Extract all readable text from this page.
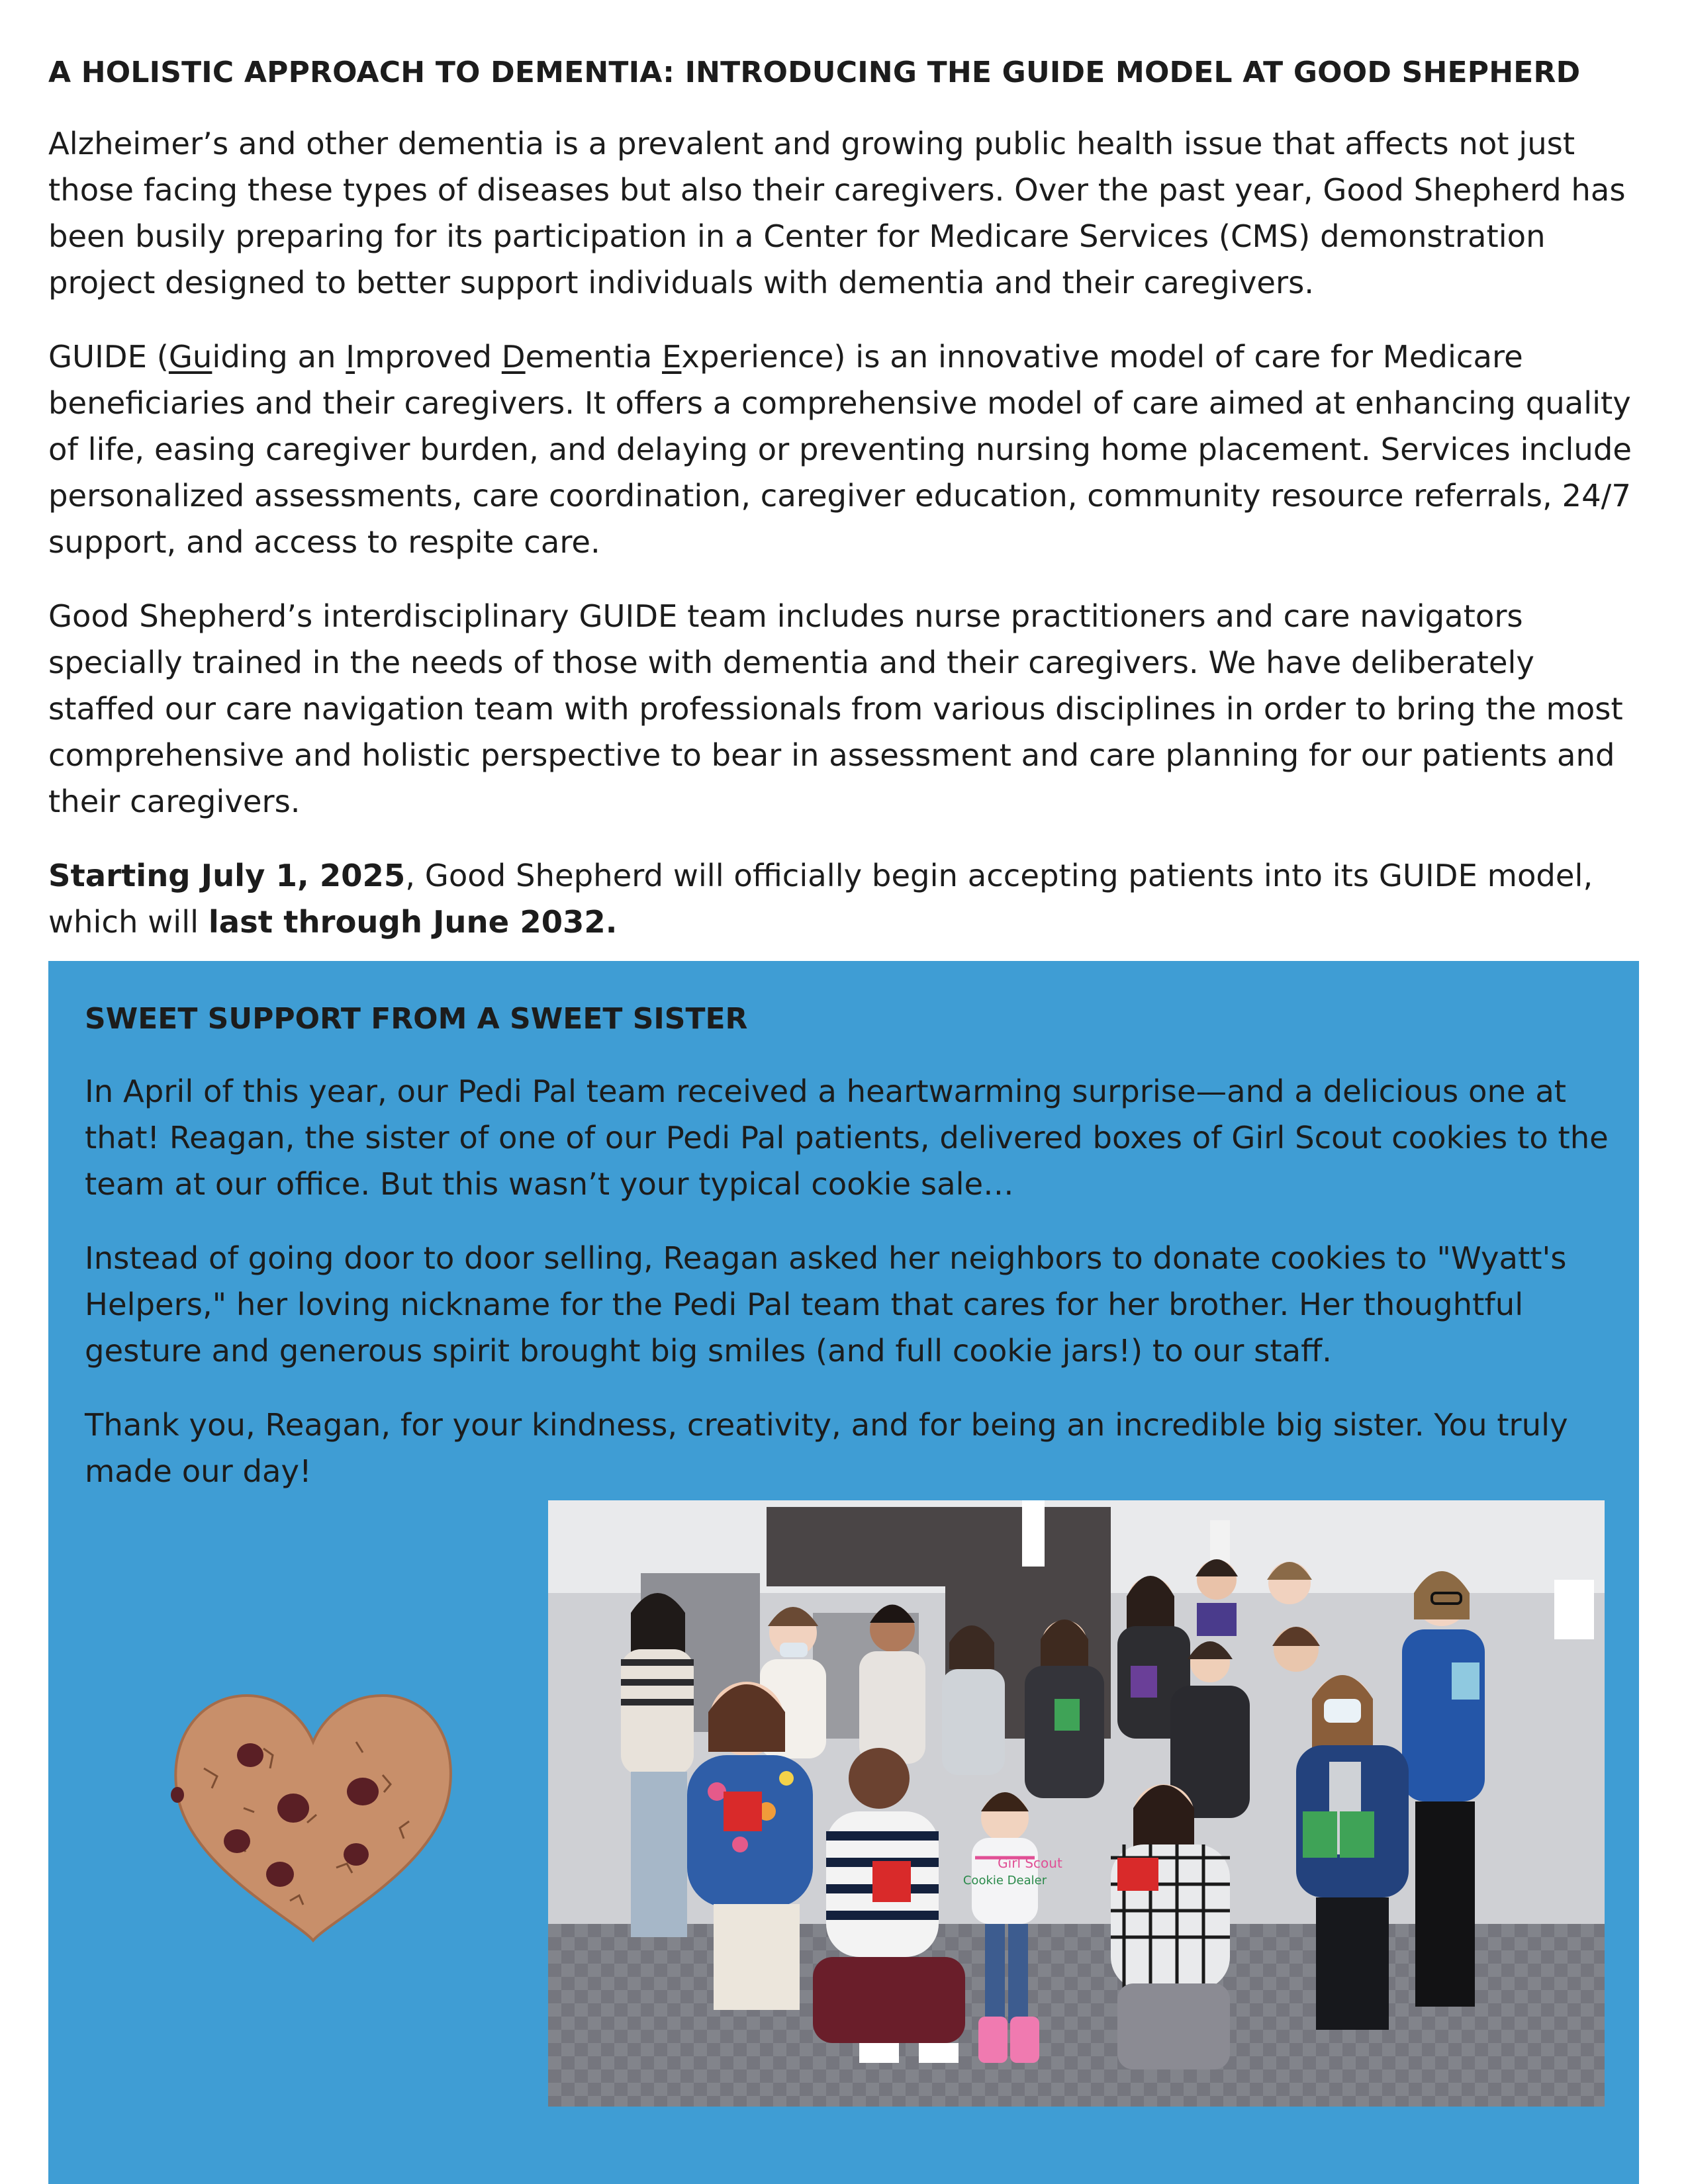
A HOLISTIC APPROACH TO DEMENTIA: INTRODUCING THE GUIDE MODEL AT GOOD SHEPHERD

Alzheimer’s and other dementia is a prevalent and growing public health issue that affects not just those facing these types of diseases but also their caregivers. Over the past year, Good Shepherd has been busily preparing for its participation in a Center for Medicare Services (CMS) demonstration project designed to better support individuals with dementia and their caregivers.

GUIDE (Guiding an Improved Dementia Experience) is an innovative model of care for Medicare beneficiaries and their caregivers. It offers a comprehensive model of care aimed at enhancing quality of life, easing caregiver burden, and delaying or preventing nursing home placement. Services include personalized assessments, care coordination, caregiver education, community resource referrals, 24/7 support, and access to respite care.

Good Shepherd’s interdisciplinary GUIDE team includes nurse practitioners and care navigators specially trained in the needs of those with dementia and their caregivers. We have deliberately staffed our care navigation team with professionals from various disciplines in order to bring the most comprehensive and holistic perspective to bear in assessment and care planning for our patients and their caregivers.

Starting July 1, 2025, Good Shepherd will officially begin accepting patients into its GUIDE model, which will last through June 2032.

SWEET SUPPORT FROM A SWEET SISTER

In April of this year, our Pedi Pal team received a heartwarming surprise—and a delicious one at that! Reagan, the sister of one of our Pedi Pal patients, delivered boxes of Girl Scout cookies to the team at our office. But this wasn’t your typical cookie sale…

Instead of going door to door selling, Reagan asked her neighbors to donate cookies to "Wyatt's Helpers," her loving nickname for the Pedi Pal team that cares for her brother. Her thoughtful gesture and generous spirit brought big smiles (and full cookie jars!) to our staff.

Thank you, Reagan, for your kindness, creativity, and for being an incredible big sister. You truly made our day!

Girl Scout
Cookie Dealer
